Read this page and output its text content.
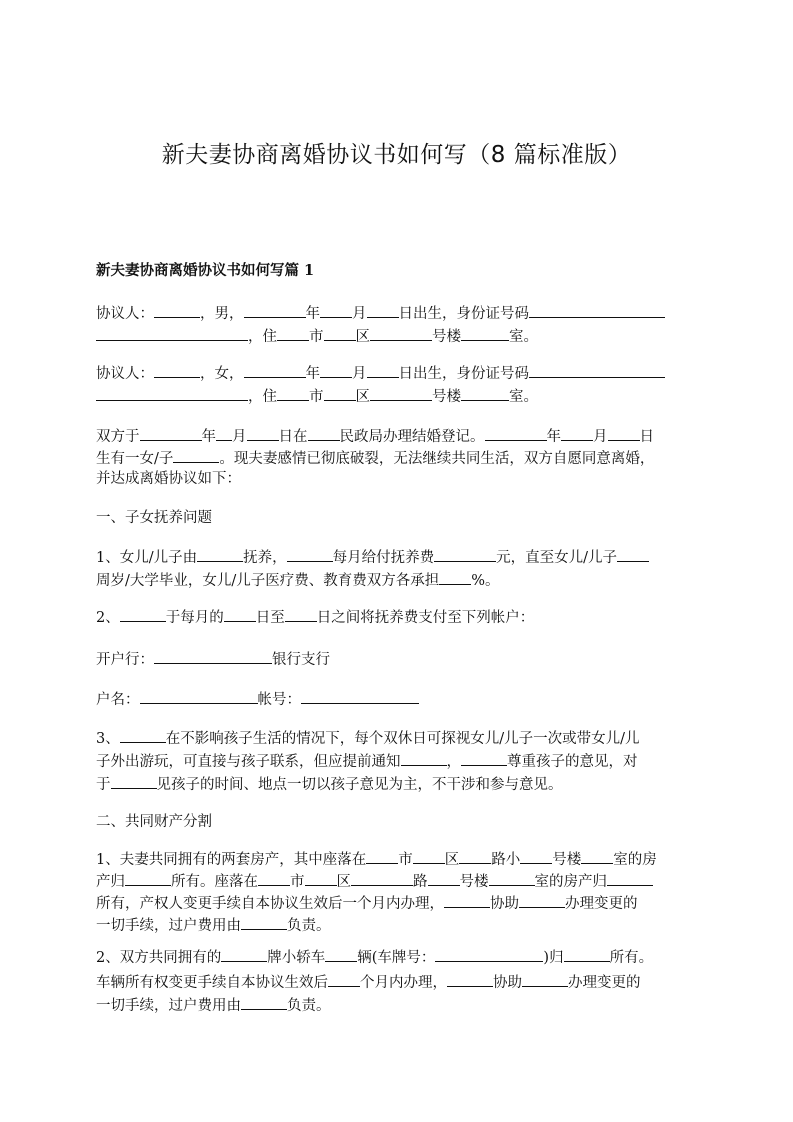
新夫妻协商离婚协议书如何写（8 篇标准版）
新夫妻协商离婚协议书如何写篇 1
协议人：	，男，	年 月 日出生，身份证号码
，住 市 区	号楼	室。
协议人：	，女，	年 月 日出生，身份证号码
，住 市 区	号楼	室。
双方于	年 月 日在 民政局办理结婚登记。	年 月 日
生有一女/子	。现夫妻感情已彻底破裂，无法继续共同生活，双方自愿同意离婚，
并达成离婚协议如下：
一、子女抚养问题
1、女儿/儿子由	抚养，	每月给付抚养费	元，直至女儿/儿子
周岁/大学毕业，女儿/儿子医疗费、教育费双方各承担 %。
2、	于每月的 日至 日之间将抚养费支付至下列帐户：
开户行：	银行支行
户名：	帐号：
3、	在不影响孩子生活的情况下，每个双休日可探视女儿/儿子一次或带女儿/儿
子外出游玩，可直接与孩子联系，但应提前通知	，	尊重孩子的意见，对
于	见孩子的时间、地点一切以孩子意见为主，不干涉和参与意见。
二、共同财产分割
1、夫妻共同拥有的两套房产，其中座落在 市 区 路小 号楼 室的房
产归	所有。座落在 市 区	路 号楼	室的房产归
所有，产权人变更手续自本协议生效后一个月内办理，	协助	办理变更的
一切手续，过户费用由	负责。
2、双方共同拥有的	牌小轿车 辆(车牌号：	)归	所有。
车辆所有权变更手续自本协议生效后 个月内办理，	协助	办理变更的
一切手续，过户费用由	负责。
